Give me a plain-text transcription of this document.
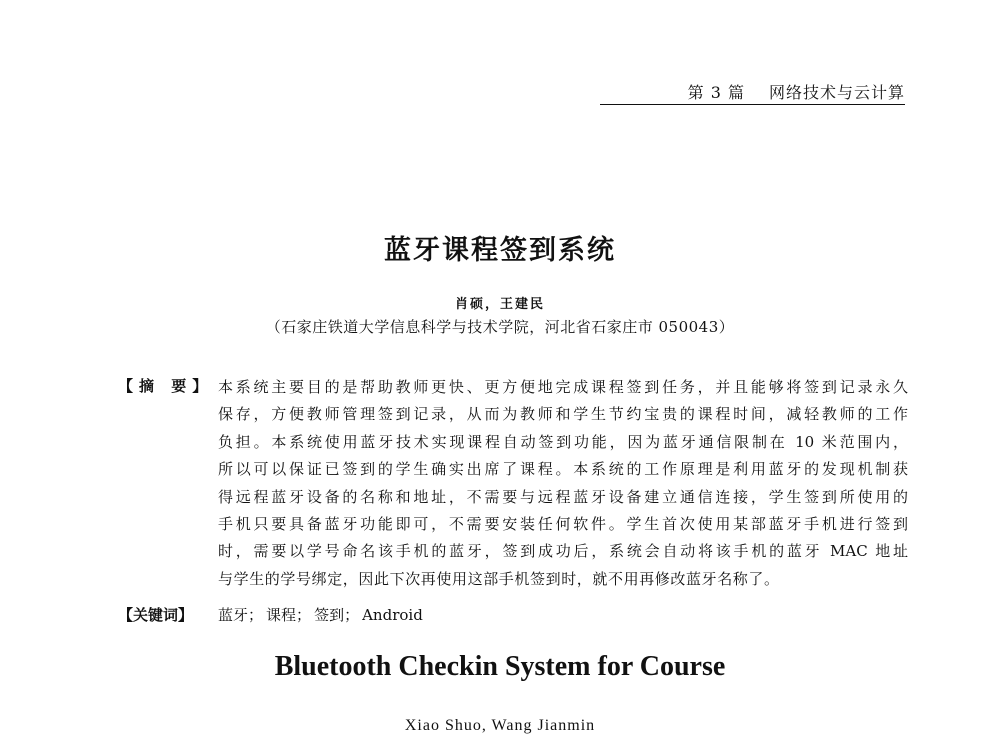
第 3 篇 网络技术与云计算
蓝牙课程签到系统
肖硕，王建民
（石家庄铁道大学信息科学与技术学院，河北省石家庄市 050043）
【摘 要】 本系统主要目的是帮助教师更快、更方便地完成课程签到任务，并且能够将签到记录永久
保存，方便教师管理签到记录，从而为教师和学生节约宝贵的课程时间，减轻教师的工作
负担。本系统使用蓝牙技术实现课程自动签到功能，因为蓝牙通信限制在 10 米范围内，
所以可以保证已签到的学生确实出席了课程。本系统的工作原理是利用蓝牙的发现机制获
得远程蓝牙设备的名称和地址，不需要与远程蓝牙设备建立通信连接，学生签到所使用的
手机只要具备蓝牙功能即可，不需要安装任何软件。学生首次使用某部蓝牙手机进行签到
时，需要以学号命名该手机的蓝牙，签到成功后，系统会自动将该手机的蓝牙 MAC 地址
与学生的学号绑定，因此下次再使用这部手机签到时，就不用再修改蓝牙名称了。
【关键词】 蓝牙； 课程； 签到； Android
Bluetooth Checkin System for Course
Xiao Shuo, Wang Jianmin
